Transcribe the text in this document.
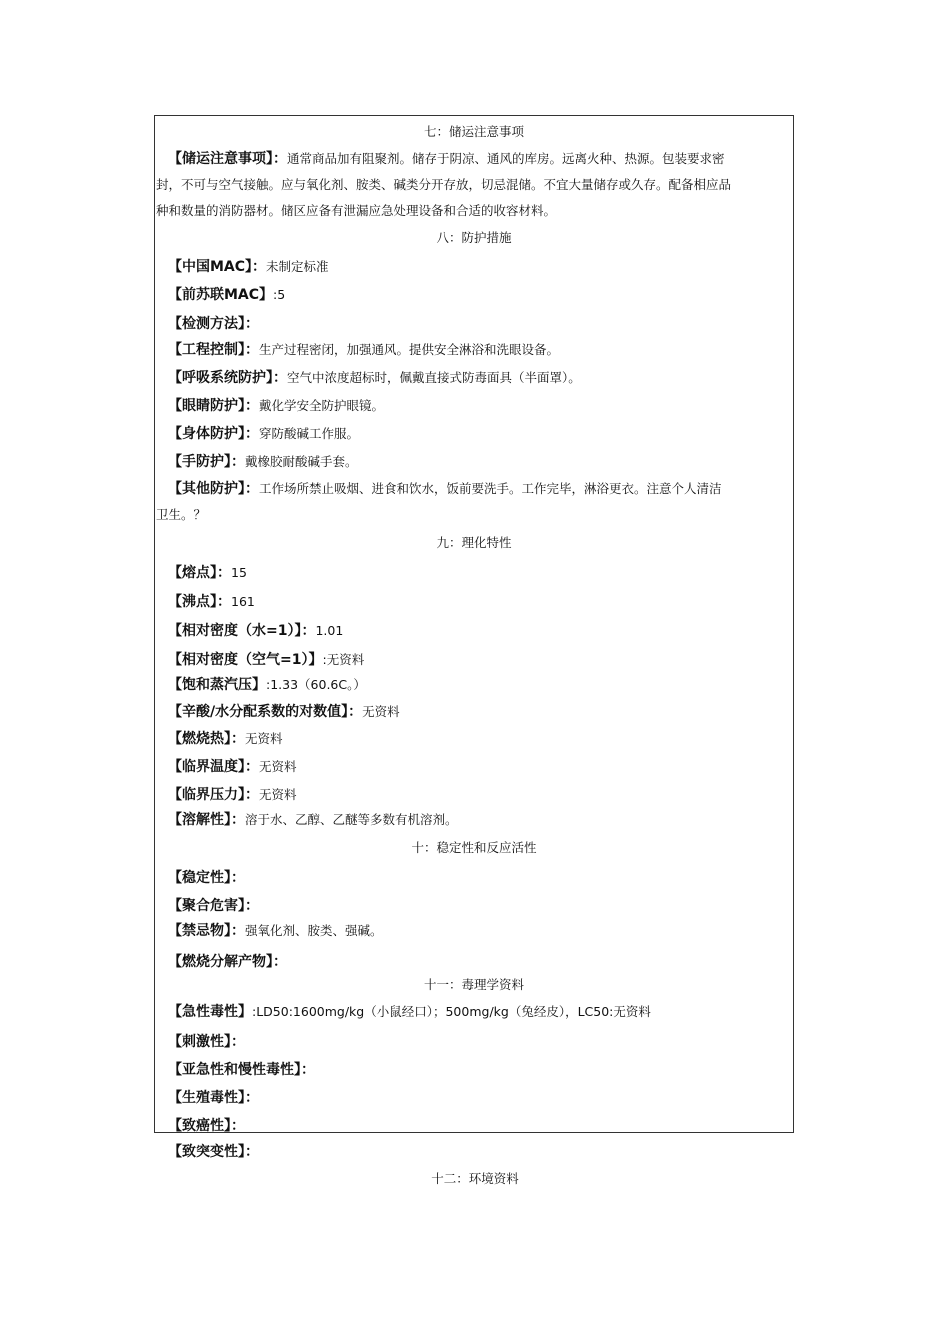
七：储运注意事项
【储运注意事项】：通常商品加有阻聚剂。储存于阴凉、通风的库房。远离火种、热源。包装要求密
封，不可与空气接触。应与氧化剂、胺类、碱类分开存放，切忌混储。不宜大量储存或久存。配备相应品
种和数量的消防器材。储区应备有泄漏应急处理设备和合适的收容材料。
八：防护措施
【中国MAC】：未制定标准
【前苏联MAC】:5
【检测方法】：
【工程控制】：生产过程密闭，加强通风。提供安全淋浴和洗眼设备。
【呼吸系统防护】：空气中浓度超标时，佩戴直接式防毒面具（半面罩）。
【眼睛防护】：戴化学安全防护眼镜。
【身体防护】：穿防酸碱工作服。
【手防护】：戴橡胶耐酸碱手套。
【其他防护】：工作场所禁止吸烟、进食和饮水，饭前要洗手。工作完毕，淋浴更衣。注意个人清洁
卫生。？
九：理化特性
【熔点】：15
【沸点】：161
【相对密度（水=1）】：1.01
【相对密度（空气=1）】:无资料
【饱和蒸汽压】:1.33（60.6C。）
【辛酸/水分配系数的对数值】：无资料
【燃烧热】：无资料
【临界温度】：无资料
【临界压力】：无资料
【溶解性】：溶于水、乙醇、乙醚等多数有机溶剂。
十：稳定性和反应活性
【稳定性】：
【聚合危害】：
【禁忌物】：强氧化剂、胺类、强碱。
【燃烧分解产物】：
十一：毒理学资料
【急性毒性】:LD50:1600mg/kg（小鼠经口）；500mg/kg（兔经皮），LC50:无资料
【刺激性】：
【亚急性和慢性毒性】：
【生殖毒性】：
【致癌性】：
【致突变性】：
十二：环境资料
